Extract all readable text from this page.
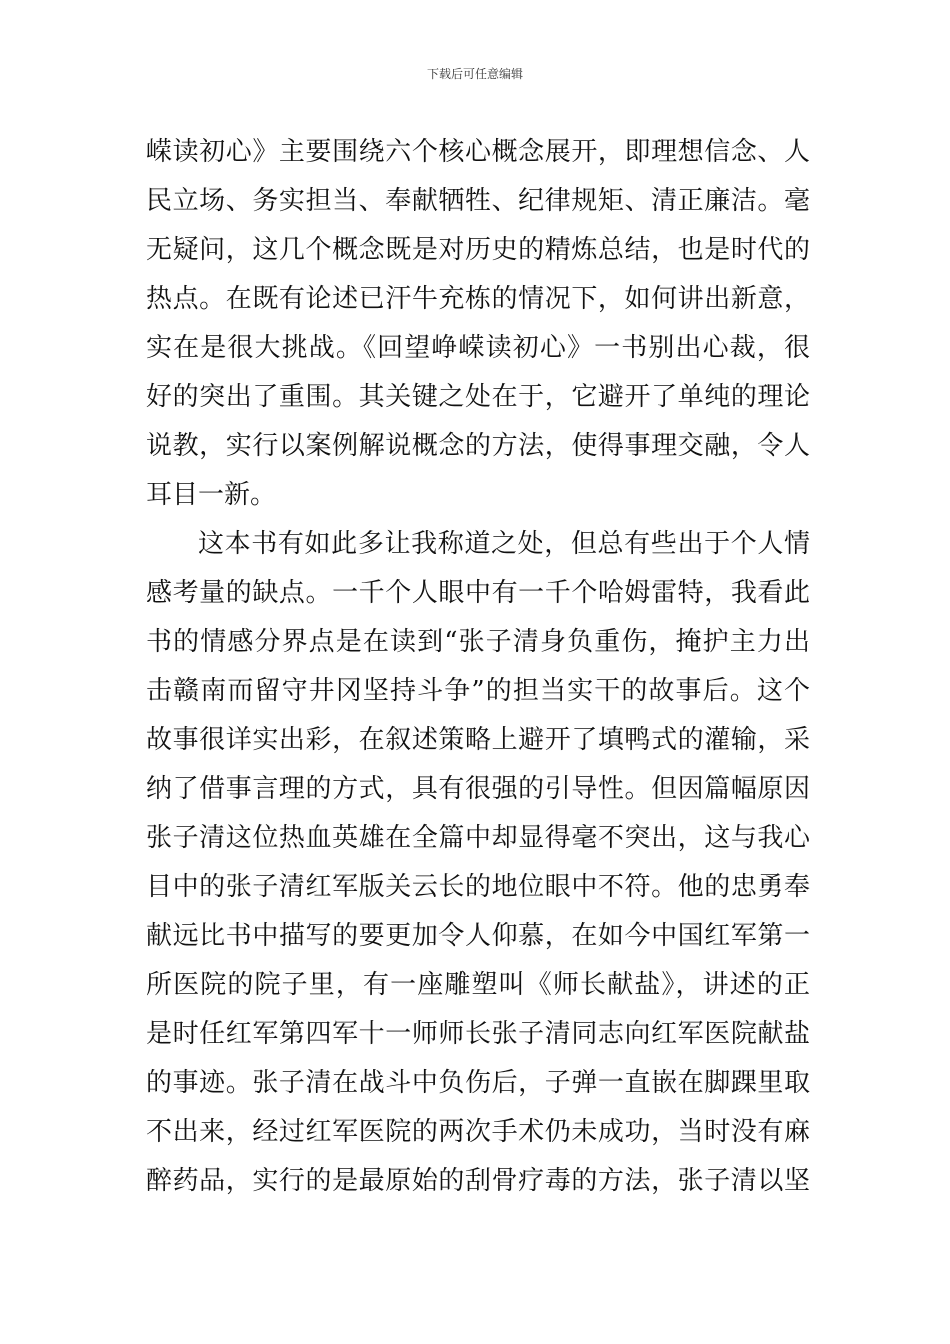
下载后可任意编辑
嵘读初心》主要围绕六个核心概念展开，即理想信念、人
民立场、务实担当、奉献牺牲、纪律规矩、清正廉洁。毫
无疑问，这几个概念既是对历史的精炼总结，也是时代的
热点。在既有论述已汗牛充栋的情况下，如何讲出新意，
实在是很大挑战。《回望峥嵘读初心》一书别出心裁，很
好的突出了重围。其关键之处在于，它避开了单纯的理论
说教，实行以案例解说概念的方法，使得事理交融，令人
耳目一新。
这本书有如此多让我称道之处，但总有些出于个人情
感考量的缺点。一千个人眼中有一千个哈姆雷特，我看此
书的情感分界点是在读到“张子清身负重伤，掩护主力出
击赣南而留守井冈坚持斗争”的担当实干的故事后。这个
故事很详实出彩，在叙述策略上避开了填鸭式的灌输，采
纳了借事言理的方式，具有很强的引导性。但因篇幅原因
张子清这位热血英雄在全篇中却显得毫不突出，这与我心
目中的张子清红军版关云长的地位眼中不符。他的忠勇奉
献远比书中描写的要更加令人仰慕，在如今中国红军第一
所医院的院子里，有一座雕塑叫《师长献盐》，讲述的正
是时任红军第四军十一师师长张子清同志向红军医院献盐
的事迹。张子清在战斗中负伤后，子弹一直嵌在脚踝里取
不出来，经过红军医院的两次手术仍未成功，当时没有麻
醉药品，实行的是最原始的刮骨疗毒的方法，张子清以坚
